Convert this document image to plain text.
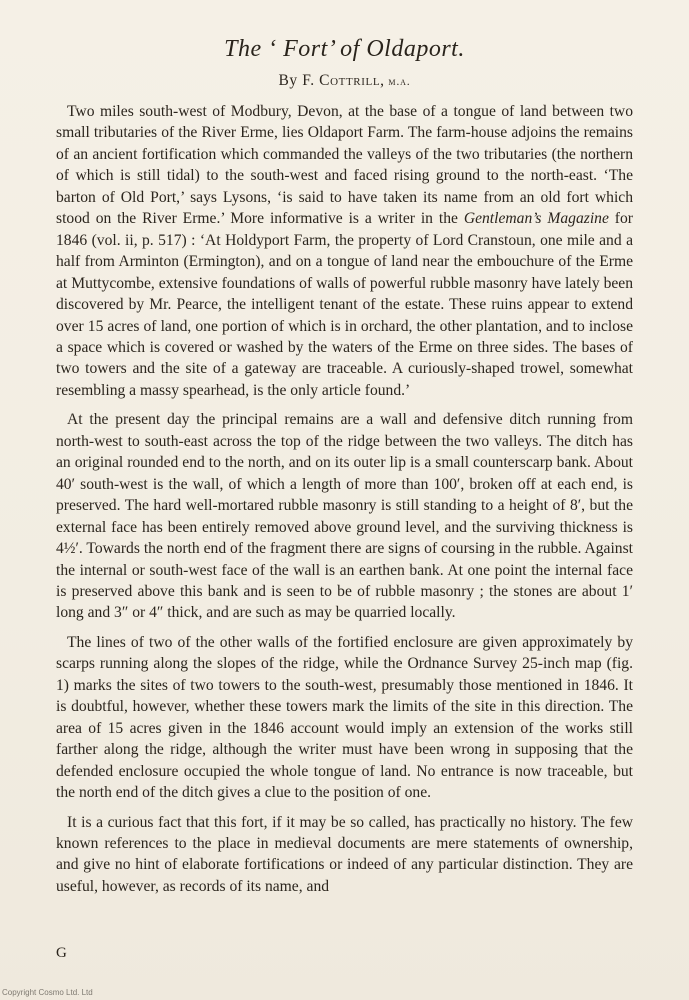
The ‘ Fort’ of Oldaport.
By F. Cottrill, m.a.

Two miles south-west of Modbury, Devon, at the base of a tongue of land between two small tributaries of the River Erme, lies Oldaport Farm. The farm-house adjoins the remains of an ancient fortification which commanded the valleys of the two tributaries (the northern of which is still tidal) to the south-west and faced rising ground to the north-east. ‘The barton of Old Port,’ says Lysons, ‘is said to have taken its name from an old fort which stood on the River Erme.’ More informative is a writer in the Gentleman’s Magazine for 1846 (vol. ii, p. 517) : ‘At Holdyport Farm, the property of Lord Cranstoun, one mile and a half from Arminton (Ermington), and on a tongue of land near the embouchure of the Erme at Muttycombe, extensive foundations of walls of powerful rubble masonry have lately been discovered by Mr. Pearce, the intelligent tenant of the estate. These ruins appear to extend over 15 acres of land, one portion of which is in orchard, the other plantation, and to inclose a space which is covered or washed by the waters of the Erme on three sides. The bases of two towers and the site of a gateway are traceable. A curiously-shaped trowel, somewhat resembling a massy spearhead, is the only article found.’

At the present day the principal remains are a wall and defensive ditch running from north-west to south-east across the top of the ridge between the two valleys. The ditch has an original rounded end to the north, and on its outer lip is a small counterscarp bank. About 40′ south-west is the wall, of which a length of more than 100′, broken off at each end, is preserved. The hard well-mortared rubble masonry is still standing to a height of 8′, but the external face has been entirely removed above ground level, and the surviving thickness is 4½′. Towards the north end of the fragment there are signs of coursing in the rubble. Against the internal or south-west face of the wall is an earthen bank. At one point the internal face is preserved above this bank and is seen to be of rubble masonry ; the stones are about 1′ long and 3″ or 4″ thick, and are such as may be quarried locally.

The lines of two of the other walls of the fortified enclosure are given approximately by scarps running along the slopes of the ridge, while the Ordnance Survey 25-inch map (fig. 1) marks the sites of two towers to the south-west, presumably those mentioned in 1846. It is doubtful, however, whether these towers mark the limits of the site in this direction. The area of 15 acres given in the 1846 account would imply an extension of the works still farther along the ridge, although the writer must have been wrong in supposing that the defended enclosure occupied the whole tongue of land. No entrance is now traceable, but the north end of the ditch gives a clue to the position of one.

It is a curious fact that this fort, if it may be so called, has practically no history. The few known references to the place in medieval documents are mere statements of ownership, and give no hint of elaborate fortifications or indeed of any particular distinction. They are useful, however, as records of its name, and

G
Copyright Cosmo Ltd. Ltd
